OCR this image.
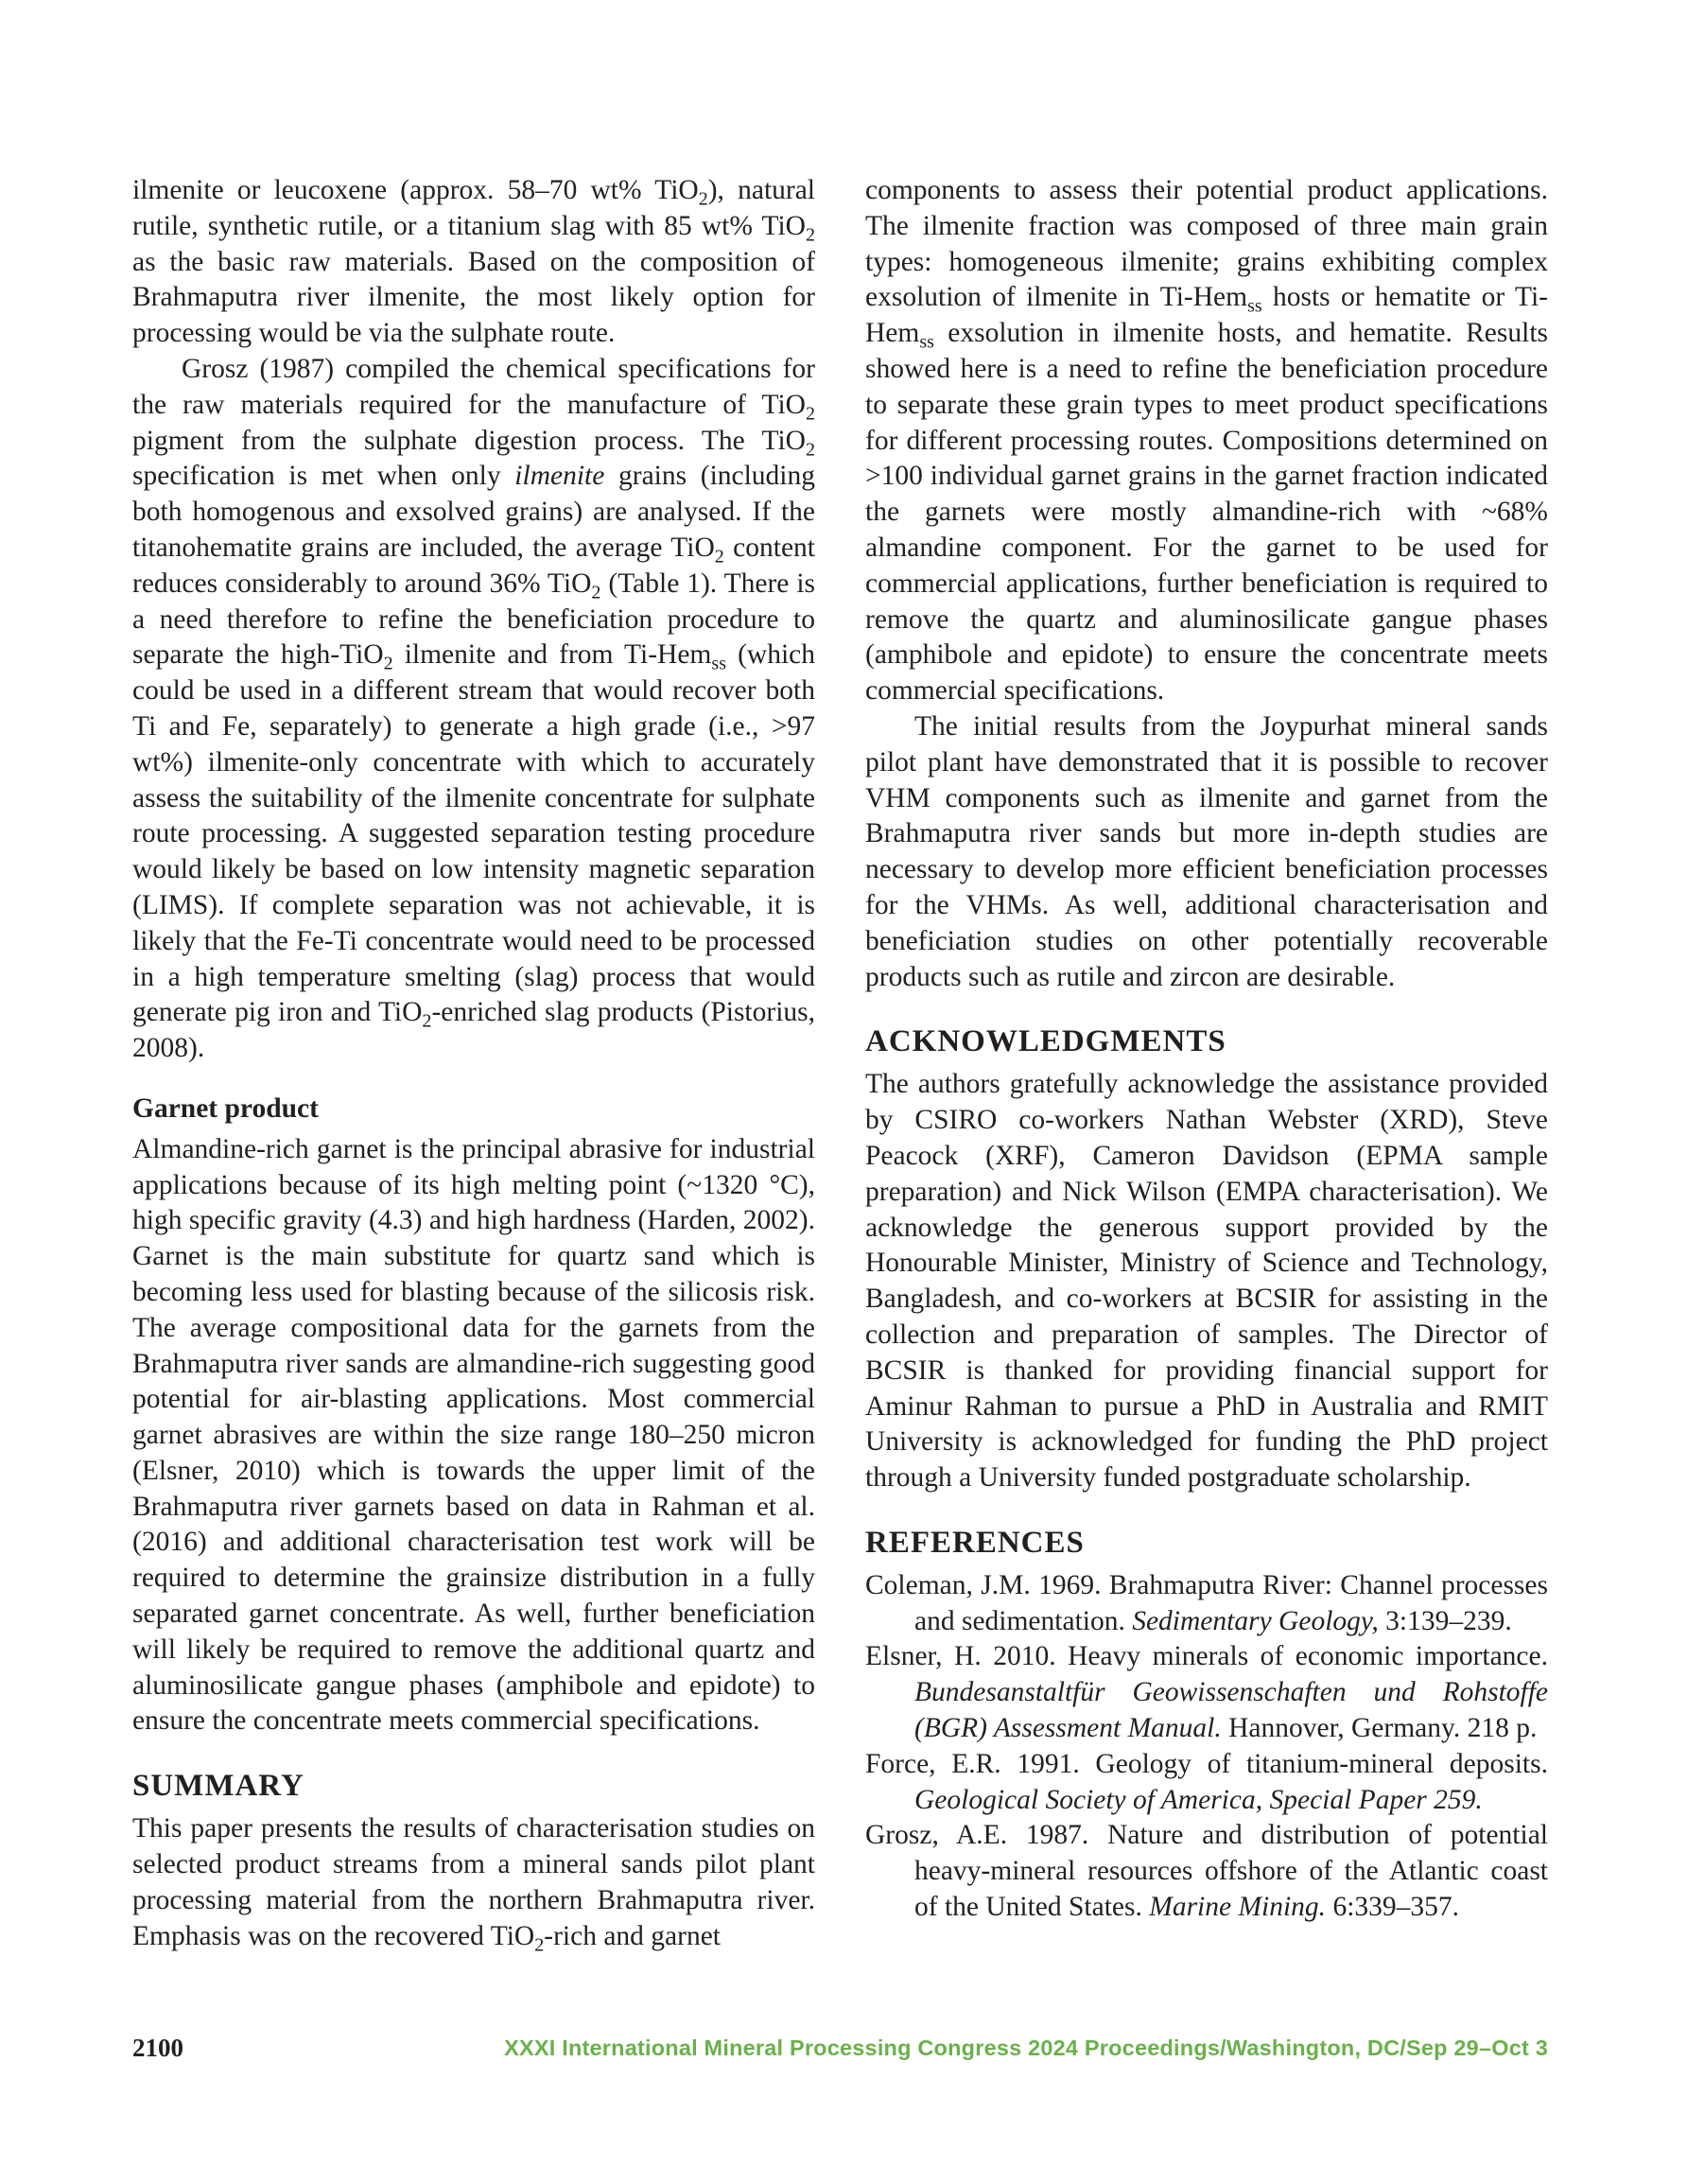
ilmenite or leucoxene (approx. 58–70 wt% TiO$_2$), natural rutile, synthetic rutile, or a titanium slag with 85 wt% TiO$_2$ as the basic raw materials. Based on the composition of Brahmaputra river ilmenite, the most likely option for processing would be via the sulphate route.

Grosz (1987) compiled the chemical specifications for the raw materials required for the manufacture of TiO$_2$ pigment from the sulphate digestion process. The TiO$_2$ specification is met when only ilmenite grains (including both homogenous and exsolved grains) are analysed. If the titanohematite grains are included, the average TiO$_2$ content reduces considerably to around 36% TiO$_2$ (Table 1). There is a need therefore to refine the beneficiation procedure to separate the high-TiO$_2$ ilmenite and from Ti-Hem$_{ss}$ (which could be used in a different stream that would recover both Ti and Fe, separately) to generate a high grade (i.e., >97 wt%) ilmenite-only concentrate with which to accurately assess the suitability of the ilmenite concentrate for sulphate route processing. A suggested separation testing procedure would likely be based on low intensity magnetic separation (LIMS). If complete separation was not achievable, it is likely that the Fe-Ti concentrate would need to be processed in a high temperature smelting (slag) process that would generate pig iron and TiO$_2$-enriched slag products (Pistorius, 2008).

Garnet product

Almandine-rich garnet is the principal abrasive for industrial applications because of its high melting point (~1320 °C), high specific gravity (4.3) and high hardness (Harden, 2002). Garnet is the main substitute for quartz sand which is becoming less used for blasting because of the silicosis risk. The average compositional data for the garnets from the Brahmaputra river sands are almandine-rich suggesting good potential for air-blasting applications. Most commercial garnet abrasives are within the size range 180–250 micron (Elsner, 2010) which is towards the upper limit of the Brahmaputra river garnets based on data in Rahman et al. (2016) and additional characterisation test work will be required to determine the grainsize distribution in a fully separated garnet concentrate. As well, further beneficiation will likely be required to remove the additional quartz and aluminosilicate gangue phases (amphibole and epidote) to ensure the concentrate meets commercial specifications.

SUMMARY

This paper presents the results of characterisation studies on selected product streams from a mineral sands pilot plant processing material from the northern Brahmaputra river. Emphasis was on the recovered TiO$_2$-rich and garnet

components to assess their potential product applications. The ilmenite fraction was composed of three main grain types: homogeneous ilmenite; grains exhibiting complex exsolution of ilmenite in Ti-Hem$_{ss}$ hosts or hematite or Ti-Hem$_{ss}$ exsolution in ilmenite hosts, and hematite. Results showed here is a need to refine the beneficiation procedure to separate these grain types to meet product specifications for different processing routes. Compositions determined on >100 individual garnet grains in the garnet fraction indicated the garnets were mostly almandine-rich with ~68% almandine component. For the garnet to be used for commercial applications, further beneficiation is required to remove the quartz and aluminosilicate gangue phases (amphibole and epidote) to ensure the concentrate meets commercial specifications.

The initial results from the Joypurhat mineral sands pilot plant have demonstrated that it is possible to recover VHM components such as ilmenite and garnet from the Brahmaputra river sands but more in-depth studies are necessary to develop more efficient beneficiation processes for the VHMs. As well, additional characterisation and beneficiation studies on other potentially recoverable products such as rutile and zircon are desirable.

ACKNOWLEDGMENTS

The authors gratefully acknowledge the assistance provided by CSIRO co-workers Nathan Webster (XRD), Steve Peacock (XRF), Cameron Davidson (EPMA sample preparation) and Nick Wilson (EMPA characterisation). We acknowledge the generous support provided by the Honourable Minister, Ministry of Science and Technology, Bangladesh, and co-workers at BCSIR for assisting in the collection and preparation of samples. The Director of BCSIR is thanked for providing financial support for Aminur Rahman to pursue a PhD in Australia and RMIT University is acknowledged for funding the PhD project through a University funded postgraduate scholarship.

REFERENCES

Coleman, J.M. 1969. Brahmaputra River: Channel processes and sedimentation. Sedimentary Geology, 3:139–239.

Elsner, H. 2010. Heavy minerals of economic importance. Bundesanstaltfür Geowissenschaften und Rohstoffe (BGR) Assessment Manual. Hannover, Germany. 218 p.

Force, E.R. 1991. Geology of titanium-mineral deposits. Geological Society of America, Special Paper 259.

Grosz, A.E. 1987. Nature and distribution of potential heavy-mineral resources offshore of the Atlantic coast of the United States. Marine Mining. 6:339–357.

2100	XXXI International Mineral Processing Congress 2024 Proceedings/Washington, DC/Sep 29–Oct 3
